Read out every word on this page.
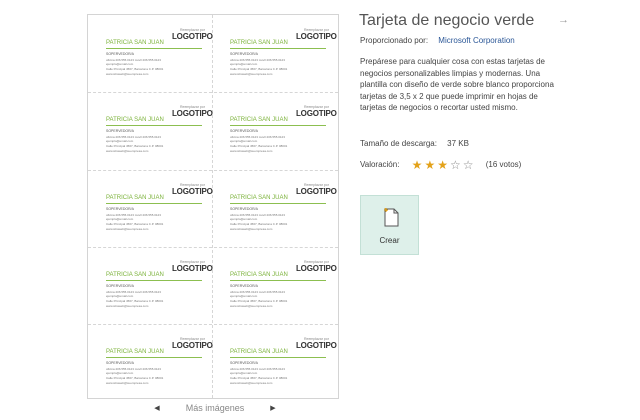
Reemplazar por
LOGOTIPO
PATRICIA SAN JUAN
SOPERVEDOR/A
oficina 206.555.0123 móvil 206.555.0123
ejemplo@email.com
Calle Principal 4567, Barcelona C.P. 08001
www.sitioweb@suempresa.com
Reemplazar por
LOGOTIPO
PATRICIA SAN JUAN
SOPERVEDOR/A
oficina 206.555.0123 móvil 206.555.0123
ejemplo@email.com
Calle Principal 4567, Barcelona C.P. 08001
www.sitioweb@suempresa.com
Reemplazar por
LOGOTIPO
PATRICIA SAN JUAN
SOPERVEDOR/A
oficina 206.555.0123 móvil 206.555.0123
ejemplo@email.com
Calle Principal 4567, Barcelona C.P. 08001
www.sitioweb@suempresa.com
Reemplazar por
LOGOTIPO
PATRICIA SAN JUAN
SOPERVEDOR/A
oficina 206.555.0123 móvil 206.555.0123
ejemplo@email.com
Calle Principal 4567, Barcelona C.P. 08001
www.sitioweb@suempresa.com
Reemplazar por
LOGOTIPO
PATRICIA SAN JUAN
SOPERVEDOR/A
oficina 206.555.0123 móvil 206.555.0123
ejemplo@email.com
Calle Principal 4567, Barcelona C.P. 08001
www.sitioweb@suempresa.com
Reemplazar por
LOGOTIPO
PATRICIA SAN JUAN
SOPERVEDOR/A
oficina 206.555.0123 móvil 206.555.0123
ejemplo@email.com
Calle Principal 4567, Barcelona C.P. 08001
www.sitioweb@suempresa.com
Reemplazar por
LOGOTIPO
PATRICIA SAN JUAN
SOPERVEDOR/A
oficina 206.555.0123 móvil 206.555.0123
ejemplo@email.com
Calle Principal 4567, Barcelona C.P. 08001
www.sitioweb@suempresa.com
Reemplazar por
LOGOTIPO
PATRICIA SAN JUAN
SOPERVEDOR/A
oficina 206.555.0123 móvil 206.555.0123
ejemplo@email.com
Calle Principal 4567, Barcelona C.P. 08001
www.sitioweb@suempresa.com
Reemplazar por
LOGOTIPO
PATRICIA SAN JUAN
SOPERVEDOR/A
oficina 206.555.0123 móvil 206.555.0123
ejemplo@email.com
Calle Principal 4567, Barcelona C.P. 08001
www.sitioweb@suempresa.com
Reemplazar por
LOGOTIPO
PATRICIA SAN JUAN
SOPERVEDOR/A
oficina 206.555.0123 móvil 206.555.0123
ejemplo@email.com
Calle Principal 4567, Barcelona C.P. 08001
www.sitioweb@suempresa.com
◀	Más imágenes	▶
Tarjeta de negocio verde →
Proporcionado por: Microsoft Corporation
Prepárese para cualquier cosa con estas tarjetas de negocios personalizables limpias y modernas. Una plantilla con diseño de verde sobre blanco proporciona tarjetas de 3,5 x 2 que puede imprimir en hojas de tarjetas de negocios o recortar usted mismo.
Tamaño de descarga: 37 KB
Valoración: ★ ★ ★ ☆ ☆ (16 votos)
Crear
